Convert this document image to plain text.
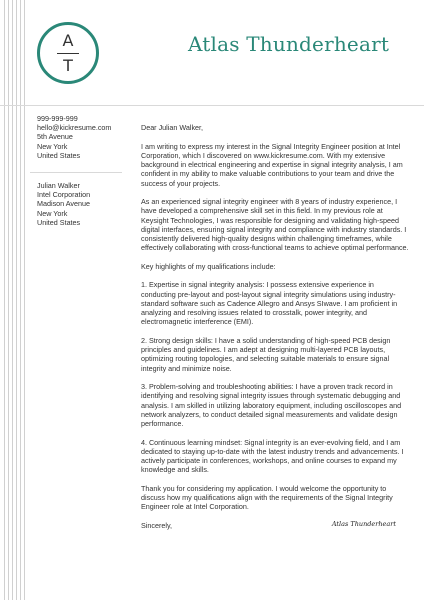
A
T
Atlas Thunderheart
999-999-999
hello@kickresume.com
5th Avenue
New York
United States
Julian Walker
Intel Corporation
Madison Avenue
New York
United States

Dear Julian Walker,

I am writing to express my interest in the Signal Integrity Engineer position at Intel Corporation, which I discovered on www.kickresume.com. With my extensive background in electrical engineering and expertise in signal integrity analysis, I am confident in my ability to make valuable contributions to your team and drive the success of your projects.

As an experienced signal integrity engineer with 8 years of industry experience, I have developed a comprehensive skill set in this field. In my previous role at Keysight Technologies, I was responsible for designing and validating high-speed digital interfaces, ensuring signal integrity and compliance with industry standards. I consistently delivered high-quality designs within challenging timeframes, while effectively collaborating with cross-functional teams to achieve optimal performance.

Key highlights of my qualifications include:

1. Expertise in signal integrity analysis: I possess extensive experience in conducting pre-layout and post-layout signal integrity simulations using industry-standard software such as Cadence Allegro and Ansys SIwave. I am proficient in analyzing and resolving issues related to crosstalk, power integrity, and electromagnetic interference (EMI).

2. Strong design skills: I have a solid understanding of high-speed PCB design principles and guidelines. I am adept at designing multi-layered PCB layouts, optimizing routing topologies, and selecting suitable materials to ensure signal integrity and minimize noise.

3. Problem-solving and troubleshooting abilities: I have a proven track record in identifying and resolving signal integrity issues through systematic debugging and analysis. I am skilled in utilizing laboratory equipment, including oscilloscopes and network analyzers, to conduct detailed signal measurements and validate design performance.

4. Continuous learning mindset: Signal integrity is an ever-evolving field, and I am dedicated to staying up-to-date with the latest industry trends and advancements. I actively participate in conferences, workshops, and online courses to expand my knowledge and skills.

Thank you for considering my application. I would welcome the opportunity to discuss how my qualifications align with the requirements of the Signal Integrity Engineer role at Intel Corporation.

Sincerely,	Atlas Thunderheart
